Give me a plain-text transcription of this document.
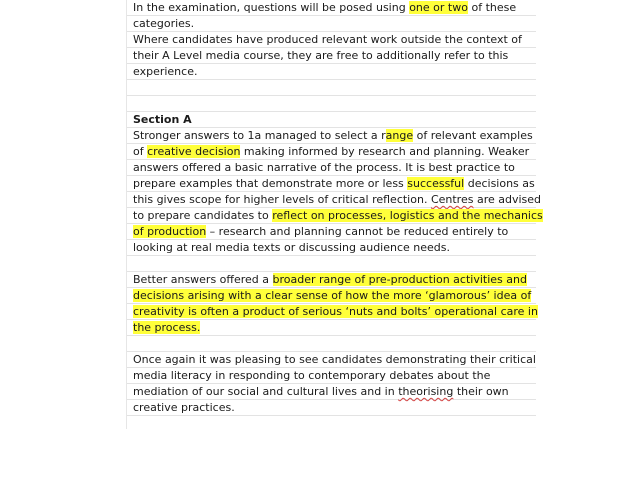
In the examination, questions will be posed using one or two of these
categories.
Where candidates have produced relevant work outside the context of
their A Level media course, they are free to additionally refer to this
experience.
Section A
Stronger answers to 1a managed to select a range of relevant examples
of creative decision making informed by research and planning. Weaker
answers offered a basic narrative of the process. It is best practice to
prepare examples that demonstrate more or less successful decisions as
this gives scope for higher levels of critical reflection. Centres are advised
to prepare candidates to reflect on processes, logistics and the mechanics
of production – research and planning cannot be reduced entirely to
looking at real media texts or discussing audience needs.
Better answers offered a broader range of pre-production activities and
decisions arising with a clear sense of how the more ‘glamorous’ idea of
creativity is often a product of serious ‘nuts and bolts’ operational care in
the process.
Once again it was pleasing to see candidates demonstrating their critical
media literacy in responding to contemporary debates about the
mediation of our social and cultural lives and in theorising their own
creative practices.
